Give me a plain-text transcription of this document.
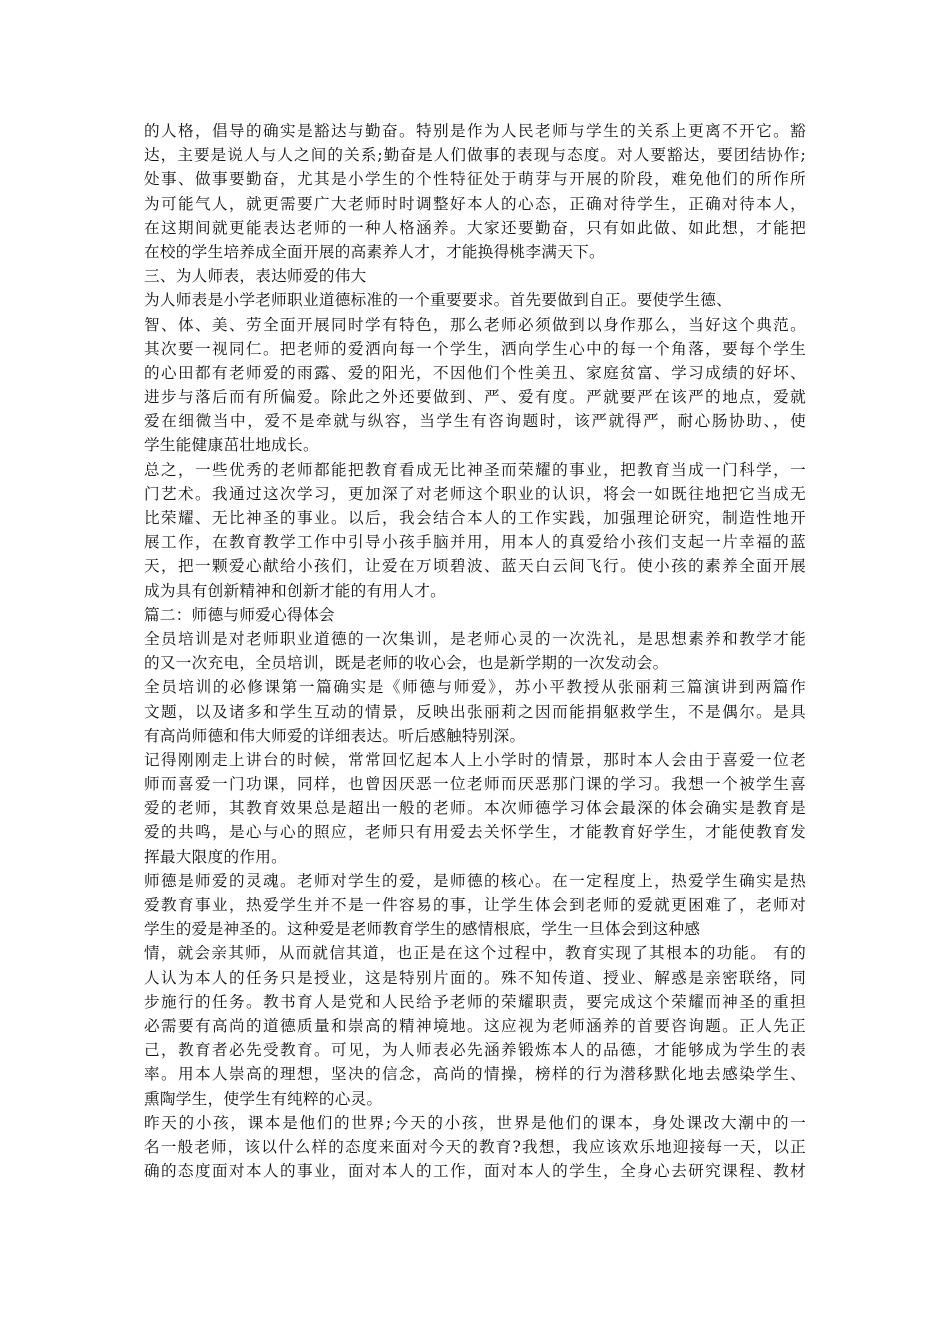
的人格，倡导的确实是豁达与勤奋。特别是作为人民老师与学生的关系上更离不开它。豁
达，主要是说人与人之间的关系;勤奋是人们做事的表现与态度。对人要豁达，要团结协作;
处事、做事要勤奋，尤其是小学生的个性特征处于萌芽与开展的阶段，难免他们的所作所
为可能气人，就更需要广大老师时时调整好本人的心态，正确对待学生，正确对待本人，
在这期间就更能表达老师的一种人格涵养。大家还要勤奋，只有如此做、如此想，才能把
在校的学生培养成全面开展的高素养人才，才能换得桃李满天下。
三、为人师表，表达师爱的伟大
为人师表是小学老师职业道德标准的一个重要要求。首先要做到自正。要使学生德、
智、体、美、劳全面开展同时学有特色，那么老师必须做到以身作那么，当好这个典范。
其次要一视同仁。把老师的爱洒向每一个学生，洒向学生心中的每一个角落，要每个学生
的心田都有老师爱的雨露、爱的阳光，不因他们个性美丑、家庭贫富、学习成绩的好坏、
进步与落后而有所偏爱。除此之外还要做到、严、爱有度。严就要严在该严的地点，爱就
爱在细微当中，爱不是牵就与纵容，当学生有咨询题时，该严就得严，耐心肠协助、，使
学生能健康茁壮地成长。
总之，一些优秀的老师都能把教育看成无比神圣而荣耀的事业，把教育当成一门科学，一
门艺术。我通过这次学习，更加深了对老师这个职业的认识，将会一如既往地把它当成无
比荣耀、无比神圣的事业。以后，我会结合本人的工作实践，加强理论研究，制造性地开
展工作，在教育教学工作中引导小孩手脑并用，用本人的真爱给小孩们支起一片幸福的蓝
天，把一颗爱心献给小孩们，让爱在万顷碧波、蓝天白云间飞行。使小孩的素养全面开展
成为具有创新精神和创新才能的有用人才。
篇二：师德与师爱心得体会
全员培训是对老师职业道德的一次集训，是老师心灵的一次洗礼，是思想素养和教学才能
的又一次充电，全员培训，既是老师的收心会，也是新学期的一次发动会。
全员培训的必修课第一篇确实是《师德与师爱》，苏小平教授从张丽莉三篇演讲到两篇作
文题，以及诸多和学生互动的情景，反映出张丽莉之因而能捐躯救学生，不是偶尔。是具
有高尚师德和伟大师爱的详细表达。听后感触特别深。
记得刚刚走上讲台的时候，常常回忆起本人上小学时的情景，那时本人会由于喜爱一位老
师而喜爱一门功课，同样，也曾因厌恶一位老师而厌恶那门课的学习。我想一个被学生喜
爱的老师，其教育效果总是超出一般的老师。本次师德学习体会最深的体会确实是教育是
爱的共鸣，是心与心的照应，老师只有用爱去关怀学生，才能教育好学生，才能使教育发
挥最大限度的作用。
师德是师爱的灵魂。老师对学生的爱，是师德的核心。在一定程度上，热爱学生确实是热
爱教育事业，热爱学生并不是一件容易的事，让学生体会到老师的爱就更困难了，老师对
学生的爱是神圣的。这种爱是老师教育学生的感情根底，学生一旦体会到这种感
情，就会亲其师，从而就信其道，也正是在这个过程中，教育实现了其根本的功能。 有的
人认为本人的任务只是授业，这是特别片面的。殊不知传道、授业、解惑是亲密联络，同
步施行的任务。教书育人是党和人民给予老师的荣耀职责，要完成这个荣耀而神圣的重担
必需要有高尚的道德质量和崇高的精神境地。这应视为老师涵养的首要咨询题。正人先正
己，教育者必先受教育。可见，为人师表必先涵养锻炼本人的品德，才能够成为学生的表
率。用本人崇高的理想，坚决的信念，高尚的情操，榜样的行为潜移默化地去感染学生、
熏陶学生，使学生有纯粹的心灵。
昨天的小孩，课本是他们的世界;今天的小孩，世界是他们的课本，身处课改大潮中的一
名一般老师，该以什么样的态度来面对今天的教育?我想，我应该欢乐地迎接每一天，以正
确的态度面对本人的事业，面对本人的工作，面对本人的学生，全身心去研究课程、教材
